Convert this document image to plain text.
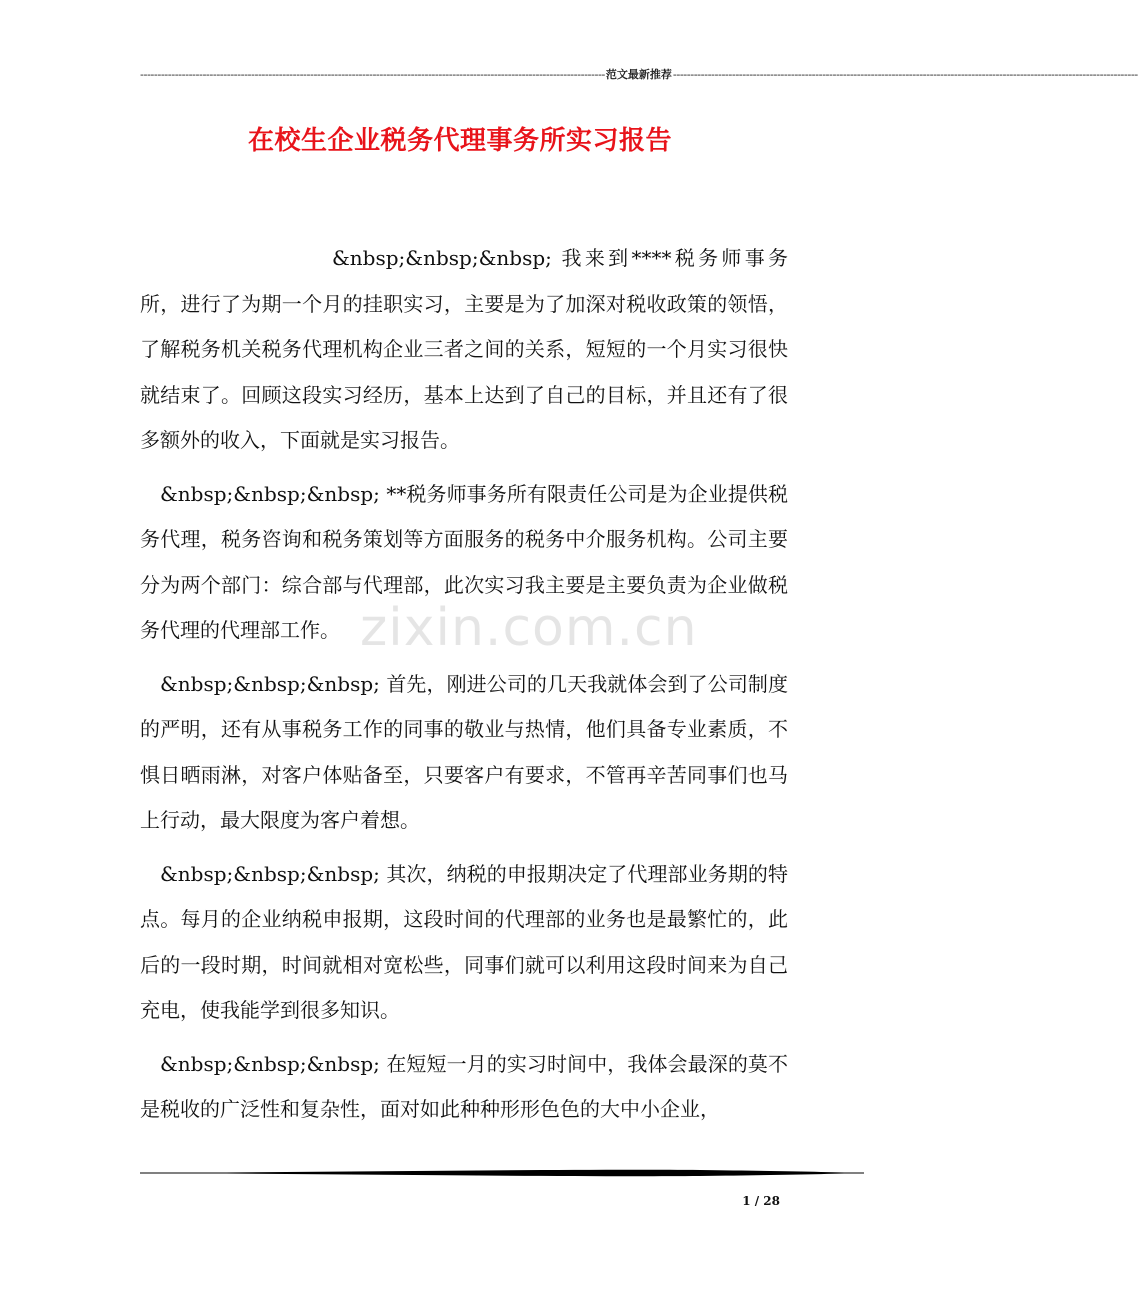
-------------------------------------------------------------------------------------------------------------------------------------- 范文最新推荐 --------------------------------------------------------------------------------------------------------------------------------------
在校生企业税务代理事务所实习报告

&nbsp;&nbsp;&nbsp; 我来到****税务师事务所，进行了为期一个月的挂职实习，主要是为了加深对税收政策的领悟，了解税务机关税务代理机构企业三者之间的关系，短短的一个月实习很快就结束了。回顾这段实习经历，基本上达到了自己的目标，并且还有了很多额外的收入，下面就是实习报告。

&nbsp;&nbsp;&nbsp; **税务师事务所有限责任公司是为企业提供税务代理，税务咨询和税务策划等方面服务的税务中介服务机构。公司主要分为两个部门：综合部与代理部，此次实习我主要是主要负责为企业做税务代理的代理部工作。

&nbsp;&nbsp;&nbsp; 首先，刚进公司的几天我就体会到了公司制度的严明，还有从事税务工作的同事的敬业与热情，他们具备专业素质，不惧日晒雨淋，对客户体贴备至，只要客户有要求，不管再辛苦同事们也马上行动，最大限度为客户着想。

&nbsp;&nbsp;&nbsp; 其次，纳税的申报期决定了代理部业务期的特点。每月的企业纳税申报期，这段时间的代理部的业务也是最繁忙的，此后的一段时期，时间就相对宽松些，同事们就可以利用这段时间来为自己充电，使我能学到很多知识。

&nbsp;&nbsp;&nbsp; 在短短一月的实习时间中，我体会最深的莫不是税收的广泛性和复杂性，面对如此种种形形色色的大中小企业，

zixin.com.cn
1 / 28
